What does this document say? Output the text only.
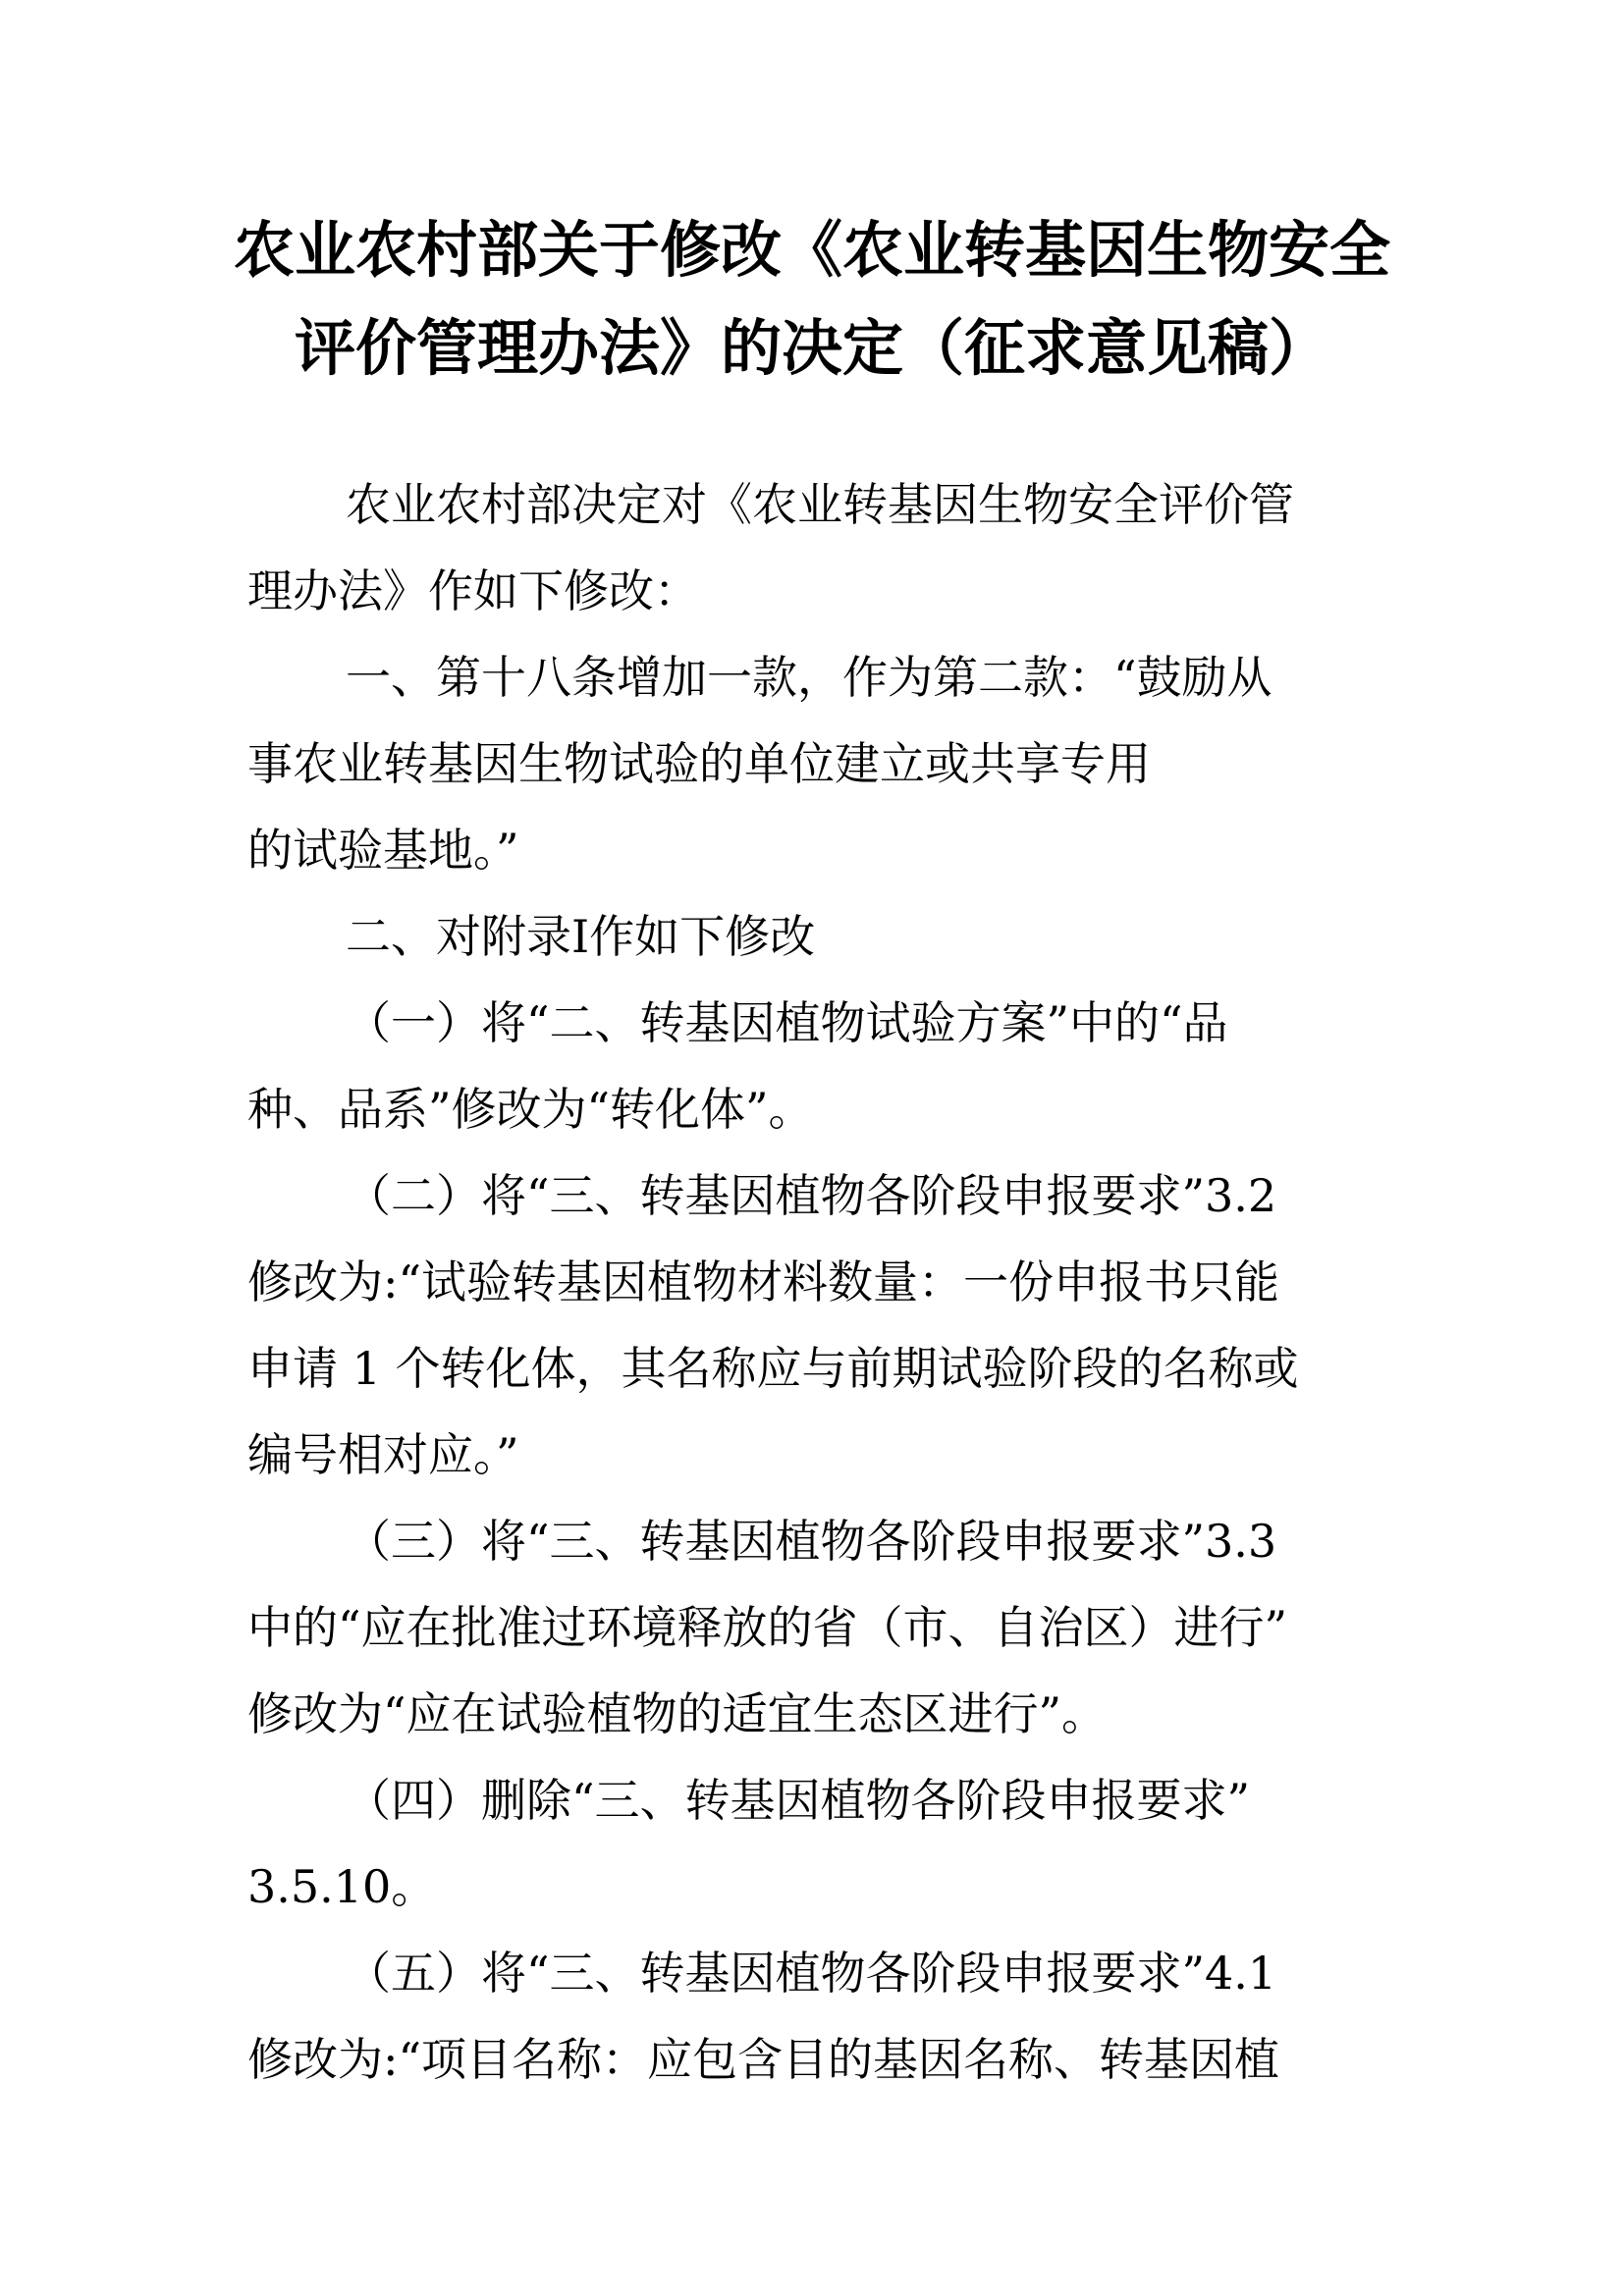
农业农村部关于修改《农业转基因生物安全
评价管理办法》的决定（征求意见稿）
农业农村部决定对《农业转基因生物安全评价管
理办法》作如下修改：
一、第十八条增加一款，作为第二款：“鼓励从
事农业转基因生物试验的单位建立或共享专用
的试验基地。”
二、对附录Ⅰ作如下修改
（一）将“二、转基因植物试验方案”中的“品
种、品系”修改为“转化体”。
（二）将“三、转基因植物各阶段申报要求”3.2
修改为:“试验转基因植物材料数量：一份申报书只能
申请 1 个转化体，其名称应与前期试验阶段的名称或
编号相对应。”
（三）将“三、转基因植物各阶段申报要求”3.3
中的“应在批准过环境释放的省（市、自治区）进行”
修改为“应在试验植物的适宜生态区进行”。
（四）删除“三、转基因植物各阶段申报要求”
3.5.10。
（五）将“三、转基因植物各阶段申报要求”4.1
修改为:“项目名称：应包含目的基因名称、转基因植
